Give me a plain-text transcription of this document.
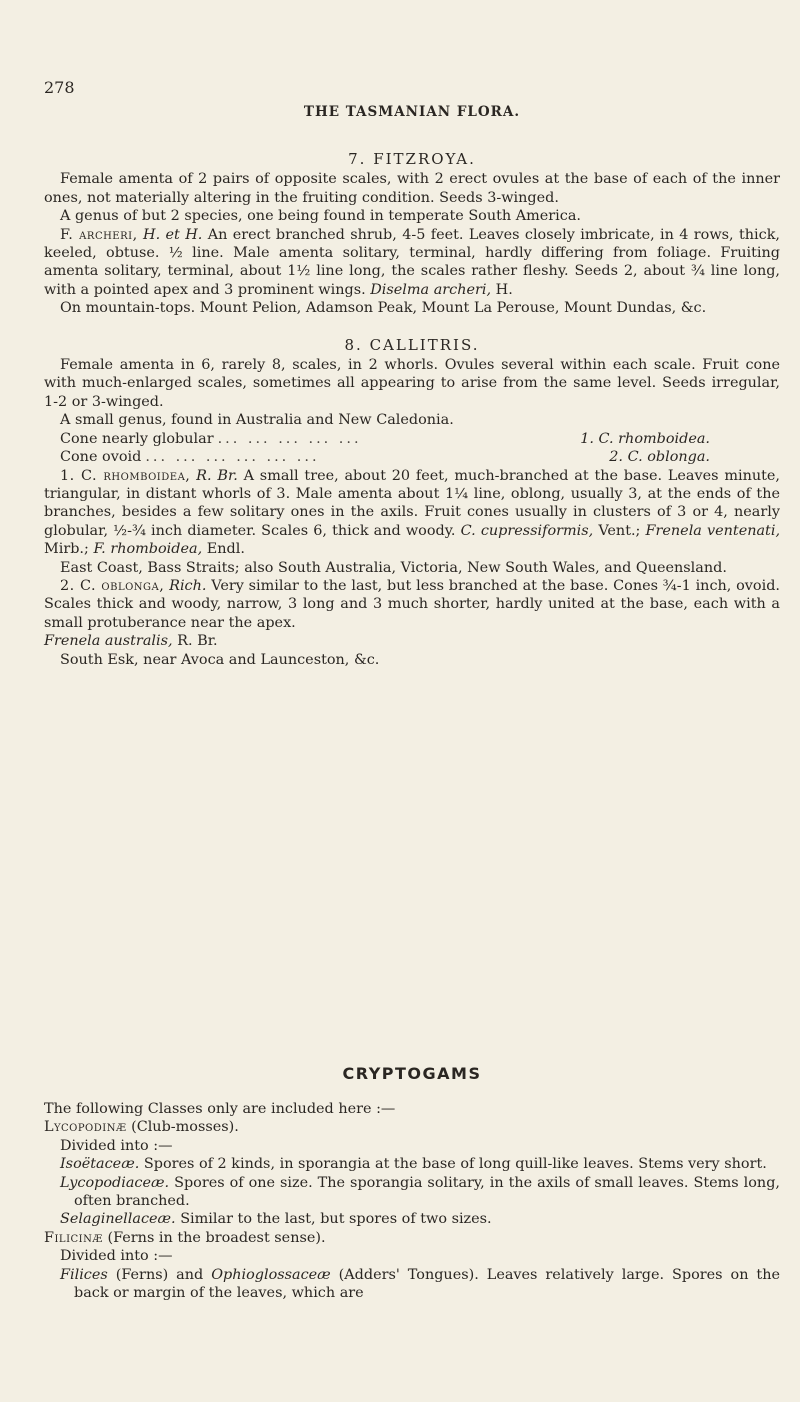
278
THE TASMANIAN FLORA.
7. FITZROYA.

Female amenta of 2 pairs of opposite scales, with 2 erect ovules at the base of each of the inner ones, not materially altering in the fruiting condition. Seeds 3-winged.

A genus of but 2 species, one being found in temperate South America.

F. archeri, H. et H. An erect branched shrub, 4-5 feet. Leaves closely imbricate, in 4 rows, thick, keeled, obtuse. ½ line. Male amenta solitary, terminal, hardly differing from foliage. Fruiting amenta solitary, terminal, about 1½ line long, the scales rather fleshy. Seeds 2, about ¾ line long, with a pointed apex and 3 prominent wings. Diselma archeri, H.

On mountain-tops. Mount Pelion, Adamson Peak, Mount La Perouse, Mount Dundas, &c.

8. CALLITRIS.

Female amenta in 6, rarely 8, scales, in 2 whorls. Ovules several within each scale. Fruit cone with much-enlarged scales, sometimes all appearing to arise from the same level. Seeds irregular, 1-2 or 3-winged.

A small genus, found in Australia and New Caledonia.

Cone nearly globular ... ... ... ... ...	1. C. rhomboidea.
Cone ovoid ... ... ... ... ... ...	2. C. oblonga.

1. C. rhomboidea, R. Br. A small tree, about 20 feet, much-branched at the base. Leaves minute, triangular, in distant whorls of 3. Male amenta about 1¼ line, oblong, usually 3, at the ends of the branches, besides a few solitary ones in the axils. Fruit cones usually in clusters of 3 or 4, nearly globular, ½-¾ inch diameter. Scales 6, thick and woody. C. cupressiformis, Vent.; Frenela ventenati, Mirb.; F. rhomboidea, Endl.

East Coast, Bass Straits; also South Australia, Victoria, New South Wales, and Queensland.

2. C. oblonga, Rich. Very similar to the last, but less branched at the base. Cones ¾-1 inch, ovoid. Scales thick and woody, narrow, 3 long and 3 much shorter, hardly united at the base, each with a small protuberance near the apex.
Frenela australis, R. Br.

South Esk, near Avoca and Launceston, &c.

CRYPTOGAMS
The following Classes only are included here :—
Lycopodinæ (Club-mosses).
Divided into :—
Isoëtaceæ. Spores of 2 kinds, in sporangia at the base of long quill-like leaves. Stems very short.
Lycopodiaceæ. Spores of one size. The sporangia solitary, in the axils of small leaves. Stems long, often branched.
Selaginellaceæ. Similar to the last, but spores of two sizes.
Filicinæ (Ferns in the broadest sense).
Divided into :—
Filices (Ferns) and Ophioglossaceæ (Adders' Tongues). Leaves relatively large. Spores on the back or margin of the leaves, which are
